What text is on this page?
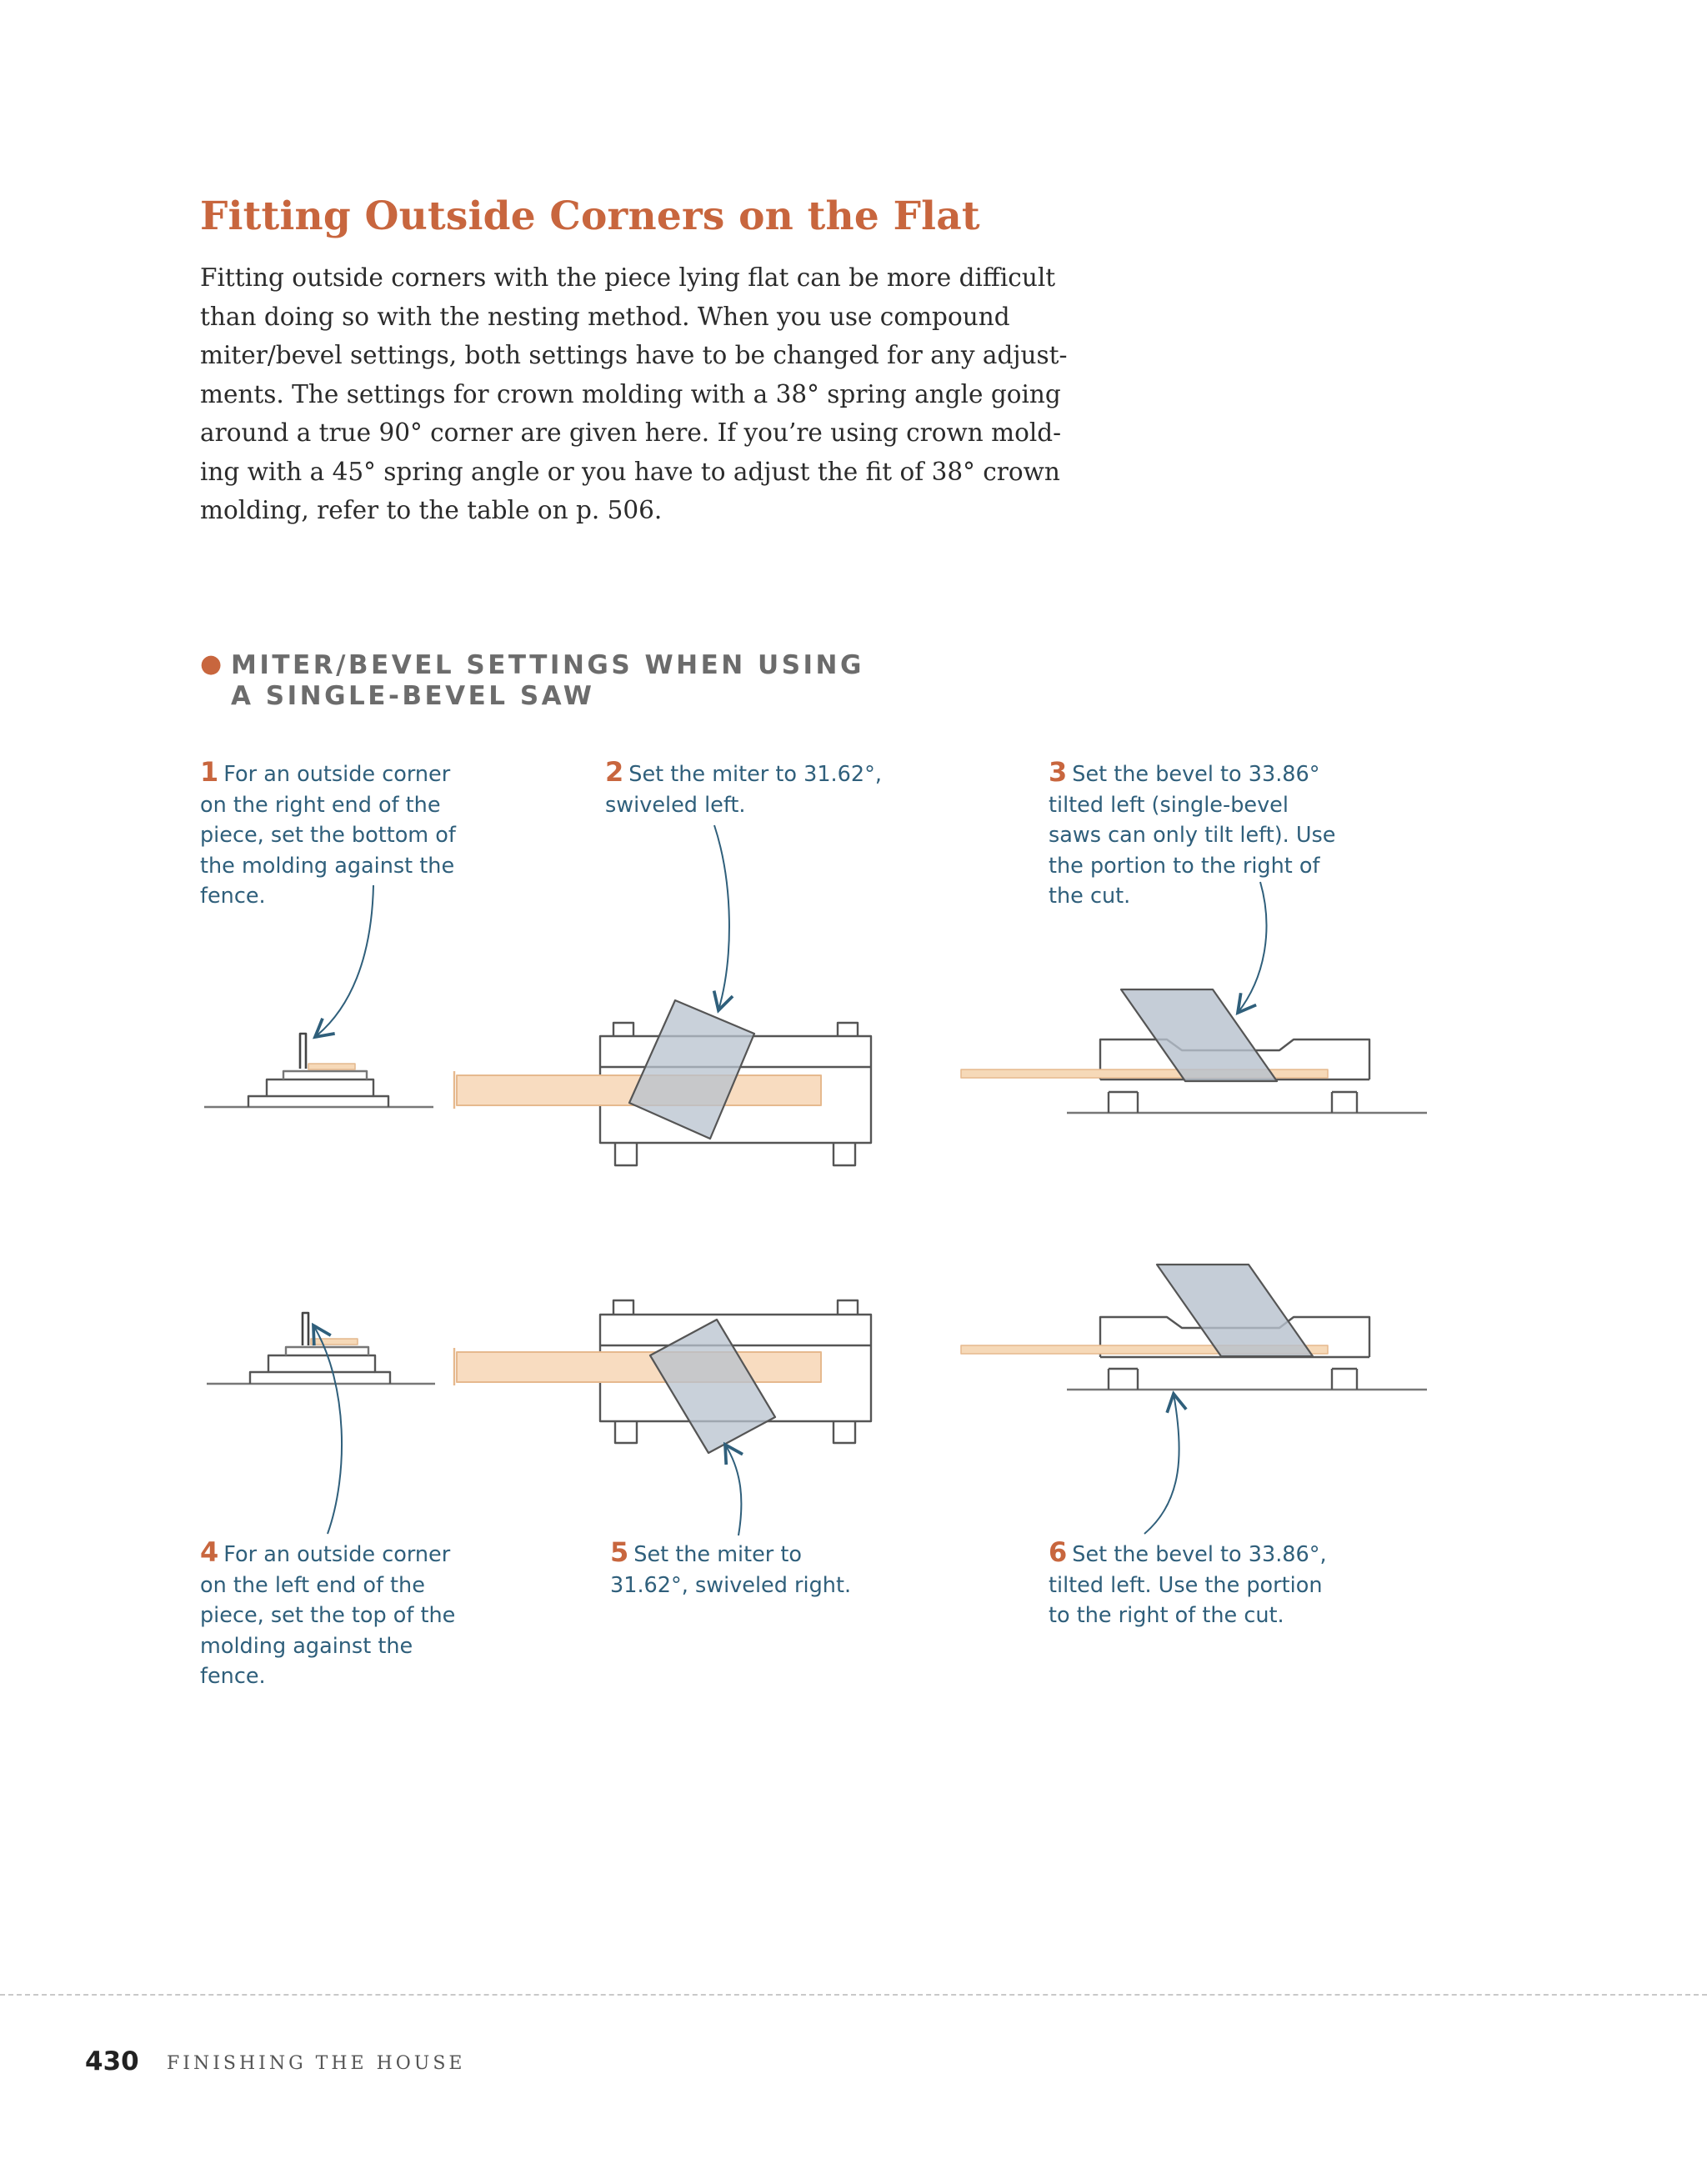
Fitting Outside Corners on the Flat
Fitting outside corners with the piece lying flat can be more difficult
than doing so with the nesting method. When you use compound
miter/bevel settings, both settings have to be changed for any adjust-
ments. The settings for crown molding with a 38° spring angle going
around a true 90° corner are given here. If you’re using crown mold-
ing with a 45° spring angle or you have to adjust the fit of 38° crown
molding, refer to the table on p. 506.
● MITER/BEVEL SETTINGS WHEN USING
A SINGLE-BEVEL SAW
1 For an outside corner
on the right end of the
piece, set the bottom of
the molding against the
fence.
2 Set the miter to 31.62°,
swiveled left.
3 Set the bevel to 33.86°
tilted left (single-bevel
saws can only tilt left). Use
the portion to the right of
the cut.
4 For an outside corner
on the left end of the
piece, set the top of the
molding against the
fence.
5 Set the miter to
31.62°, swiveled right.
6 Set the bevel to 33.86°,
tilted left. Use the portion
to the right of the cut.
430 FINISHING THE HOUSE
